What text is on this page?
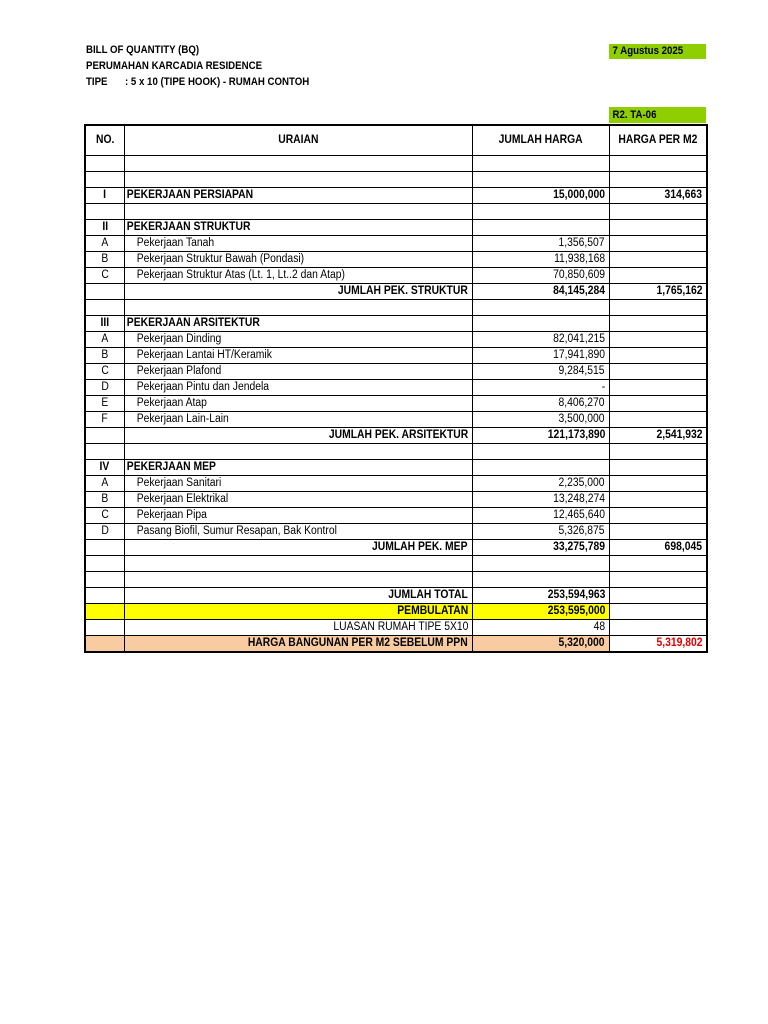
BILL OF QUANTITY (BQ)
PERUMAHAN KARCADIA RESIDENCE
TIPE : 5 x 10 (TIPE HOOK) - RUMAH CONTOH
7 Agustus 2025
R2. TA-06
NO.	URAIAN	JUMLAH HARGA	HARGA PER M2

I	PEKERJAAN PERSIAPAN	15,000,000	314,663

II	PEKERJAAN STRUKTUR		
A	Pekerjaan Tanah	1,356,507	
B	Pekerjaan Struktur Bawah (Pondasi)	11,938,168	
C	Pekerjaan Struktur Atas (Lt. 1, Lt..2 dan Atap)	70,850,609	
	JUMLAH PEK. STRUKTUR	84,145,284	1,765,162

III	PEKERJAAN ARSITEKTUR		
A	Pekerjaan Dinding	82,041,215	
B	Pekerjaan Lantai HT/Keramik	17,941,890	
C	Pekerjaan Plafond	9,284,515	
D	Pekerjaan Pintu dan Jendela	-	
E	Pekerjaan Atap	8,406,270	
F	Pekerjaan Lain-Lain	3,500,000	
	JUMLAH PEK. ARSITEKTUR	121,173,890	2,541,932

IV	PEKERJAAN MEP		
A	Pekerjaan Sanitari	2,235,000	
B	Pekerjaan Elektrikal	13,248,274	
C	Pekerjaan Pipa	12,465,640	
D	Pasang Biofil, Sumur Resapan, Bak Kontrol	5,326,875	
	JUMLAH PEK. MEP	33,275,789	698,045

	JUMLAH TOTAL	253,594,963	
	PEMBULATAN	253,595,000	
	LUASAN RUMAH TIPE 5X10	48	
	HARGA BANGUNAN PER M2 SEBELUM PPN	5,320,000	5,319,802
